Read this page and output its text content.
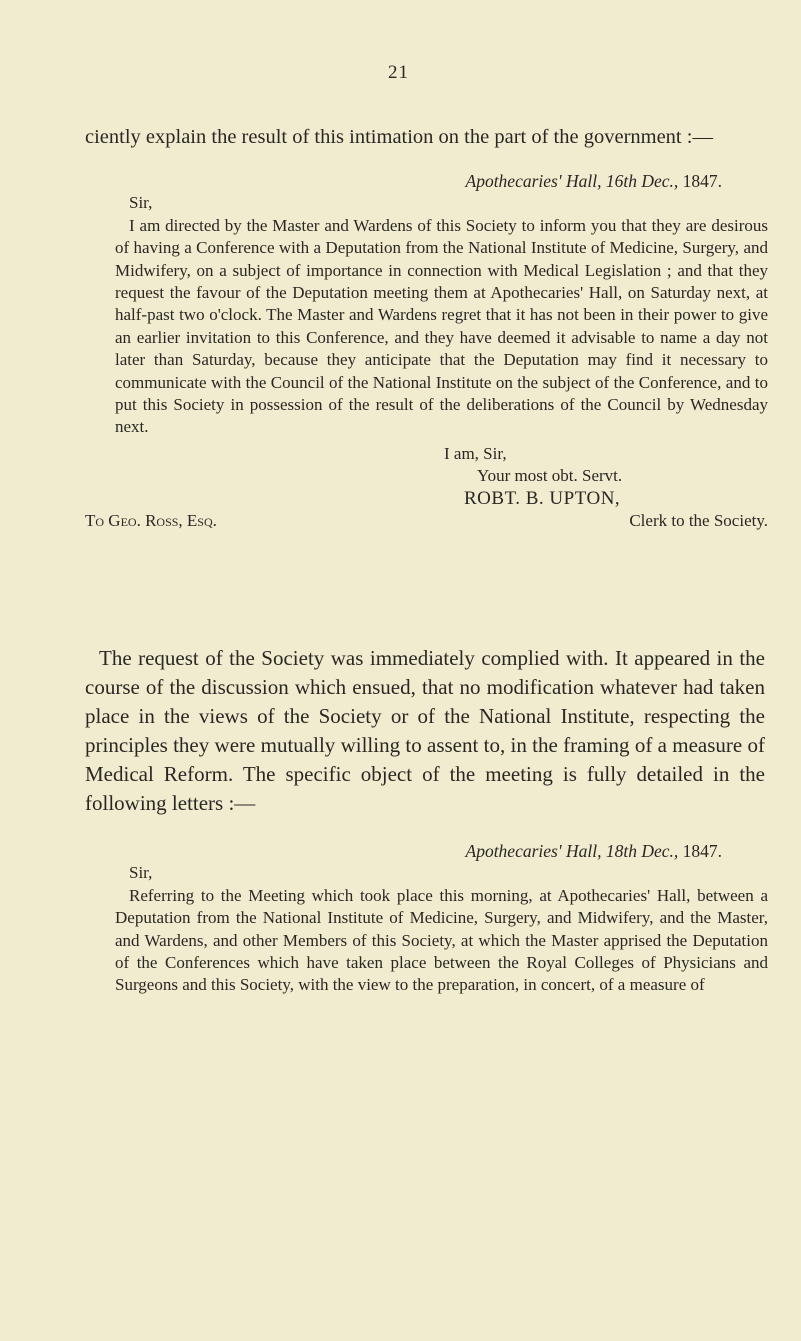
21

ciently explain the result of this intimation on the part of the government :—

Apothecaries' Hall, 16th Dec., 1847.
Sir,

I am directed by the Master and Wardens of this Society to inform you that they are desirous of having a Conference with a Deputation from the National Institute of Medicine, Surgery, and Midwifery, on a subject of importance in connection with Medical Legislation ; and that they request the favour of the Deputation meeting them at Apothecaries' Hall, on Saturday next, at half-past two o'clock. The Master and Wardens regret that it has not been in their power to give an earlier invitation to this Conference, and they have deemed it advisable to name a day not later than Saturday, because they anticipate that the Deputation may find it necessary to communicate with the Council of the National Institute on the subject of the Conference, and to put this Society in possession of the result of the deliberations of the Council by Wednesday next.

I am, Sir,
Your most obt. Servt.
ROBT. B. UPTON,
To Geo. Ross, Esq.	Clerk to the Society.

The request of the Society was immediately complied with. It appeared in the course of the discussion which ensued, that no modification whatever had taken place in the views of the Society or of the National Institute, respecting the principles they were mutually willing to assent to, in the framing of a measure of Medical Reform. The specific object of the meeting is fully detailed in the following letters :—

Apothecaries' Hall, 18th Dec., 1847.
Sir,

Referring to the Meeting which took place this morning, at Apothecaries' Hall, between a Deputation from the National Institute of Medicine, Surgery, and Midwifery, and the Master, and Wardens, and other Members of this Society, at which the Master apprised the Deputation of the Conferences which have taken place between the Royal Colleges of Physicians and Surgeons and this Society, with the view to the preparation, in concert, of a measure of
